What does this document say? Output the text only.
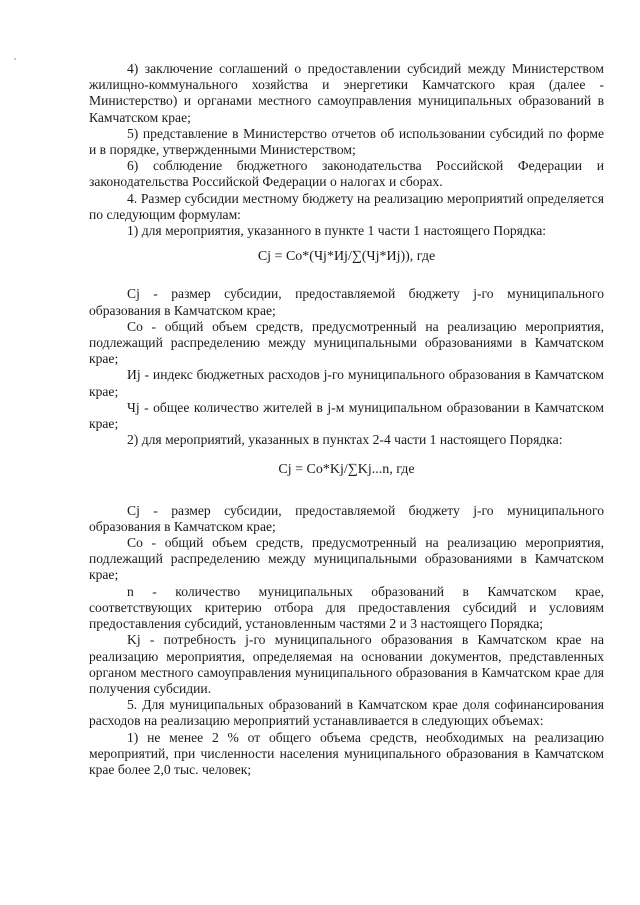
4) заключение соглашений о предоставлении субсидий между Министерством жилищно-коммунального хозяйства и энергетики Камчатского края (далее - Министерство) и органами местного самоуправления муниципальных образований в Камчатском крае;

5) представление в Министерство отчетов об использовании субсидий по форме и в порядке, утвержденными Министерством;

6) соблюдение бюджетного законодательства Российской Федерации и законодательства Российской Федерации о налогах и сборах.

4. Размер субсидии местному бюджету на реализацию мероприятий определяется по следующим формулам:

1) для мероприятия, указанного в пункте 1 части 1 настоящего Порядка:

Cj = Co*(Чj*Иj/∑(Чj*Иj)), где

Cj - размер субсидии, предоставляемой бюджету j-го муниципального образования в Камчатском крае;

Co - общий объем средств, предусмотренный на реализацию мероприятия, подлежащий распределению между муниципальными образованиями в Камчатском крае;

Иj - индекс бюджетных расходов j-го муниципального образования в Камчатском крае;

Чj - общее количество жителей в j-м муниципальном образовании в Камчатском крае;

2) для мероприятий, указанных в пунктах 2-4 части 1 настоящего Порядка:

Cj = Co*Kj/∑Kj...n, где

Cj - размер субсидии, предоставляемой бюджету j-го муниципального образования в Камчатском крае;

Co - общий объем средств, предусмотренный на реализацию мероприятия, подлежащий распределению между муниципальными образованиями в Камчатском крае;

n - количество муниципальных образований в Камчатском крае, соответствующих критерию отбора для предоставления субсидий и условиям предоставления субсидий, установленным частями 2 и 3 настоящего Порядка;

Kj - потребность j-го муниципального образования в Камчатском крае на реализацию мероприятия, определяемая на основании документов, представленных органом местного самоуправления муниципального образования в Камчатском крае для получения субсидии.

5. Для муниципальных образований в Камчатском крае доля софинансирования расходов на реализацию мероприятий устанавливается в следующих объемах:

1) не менее 2 % от общего объема средств, необходимых на реализацию мероприятий, при численности населения муниципального образования в Камчатском крае более 2,0 тыс. человек;
